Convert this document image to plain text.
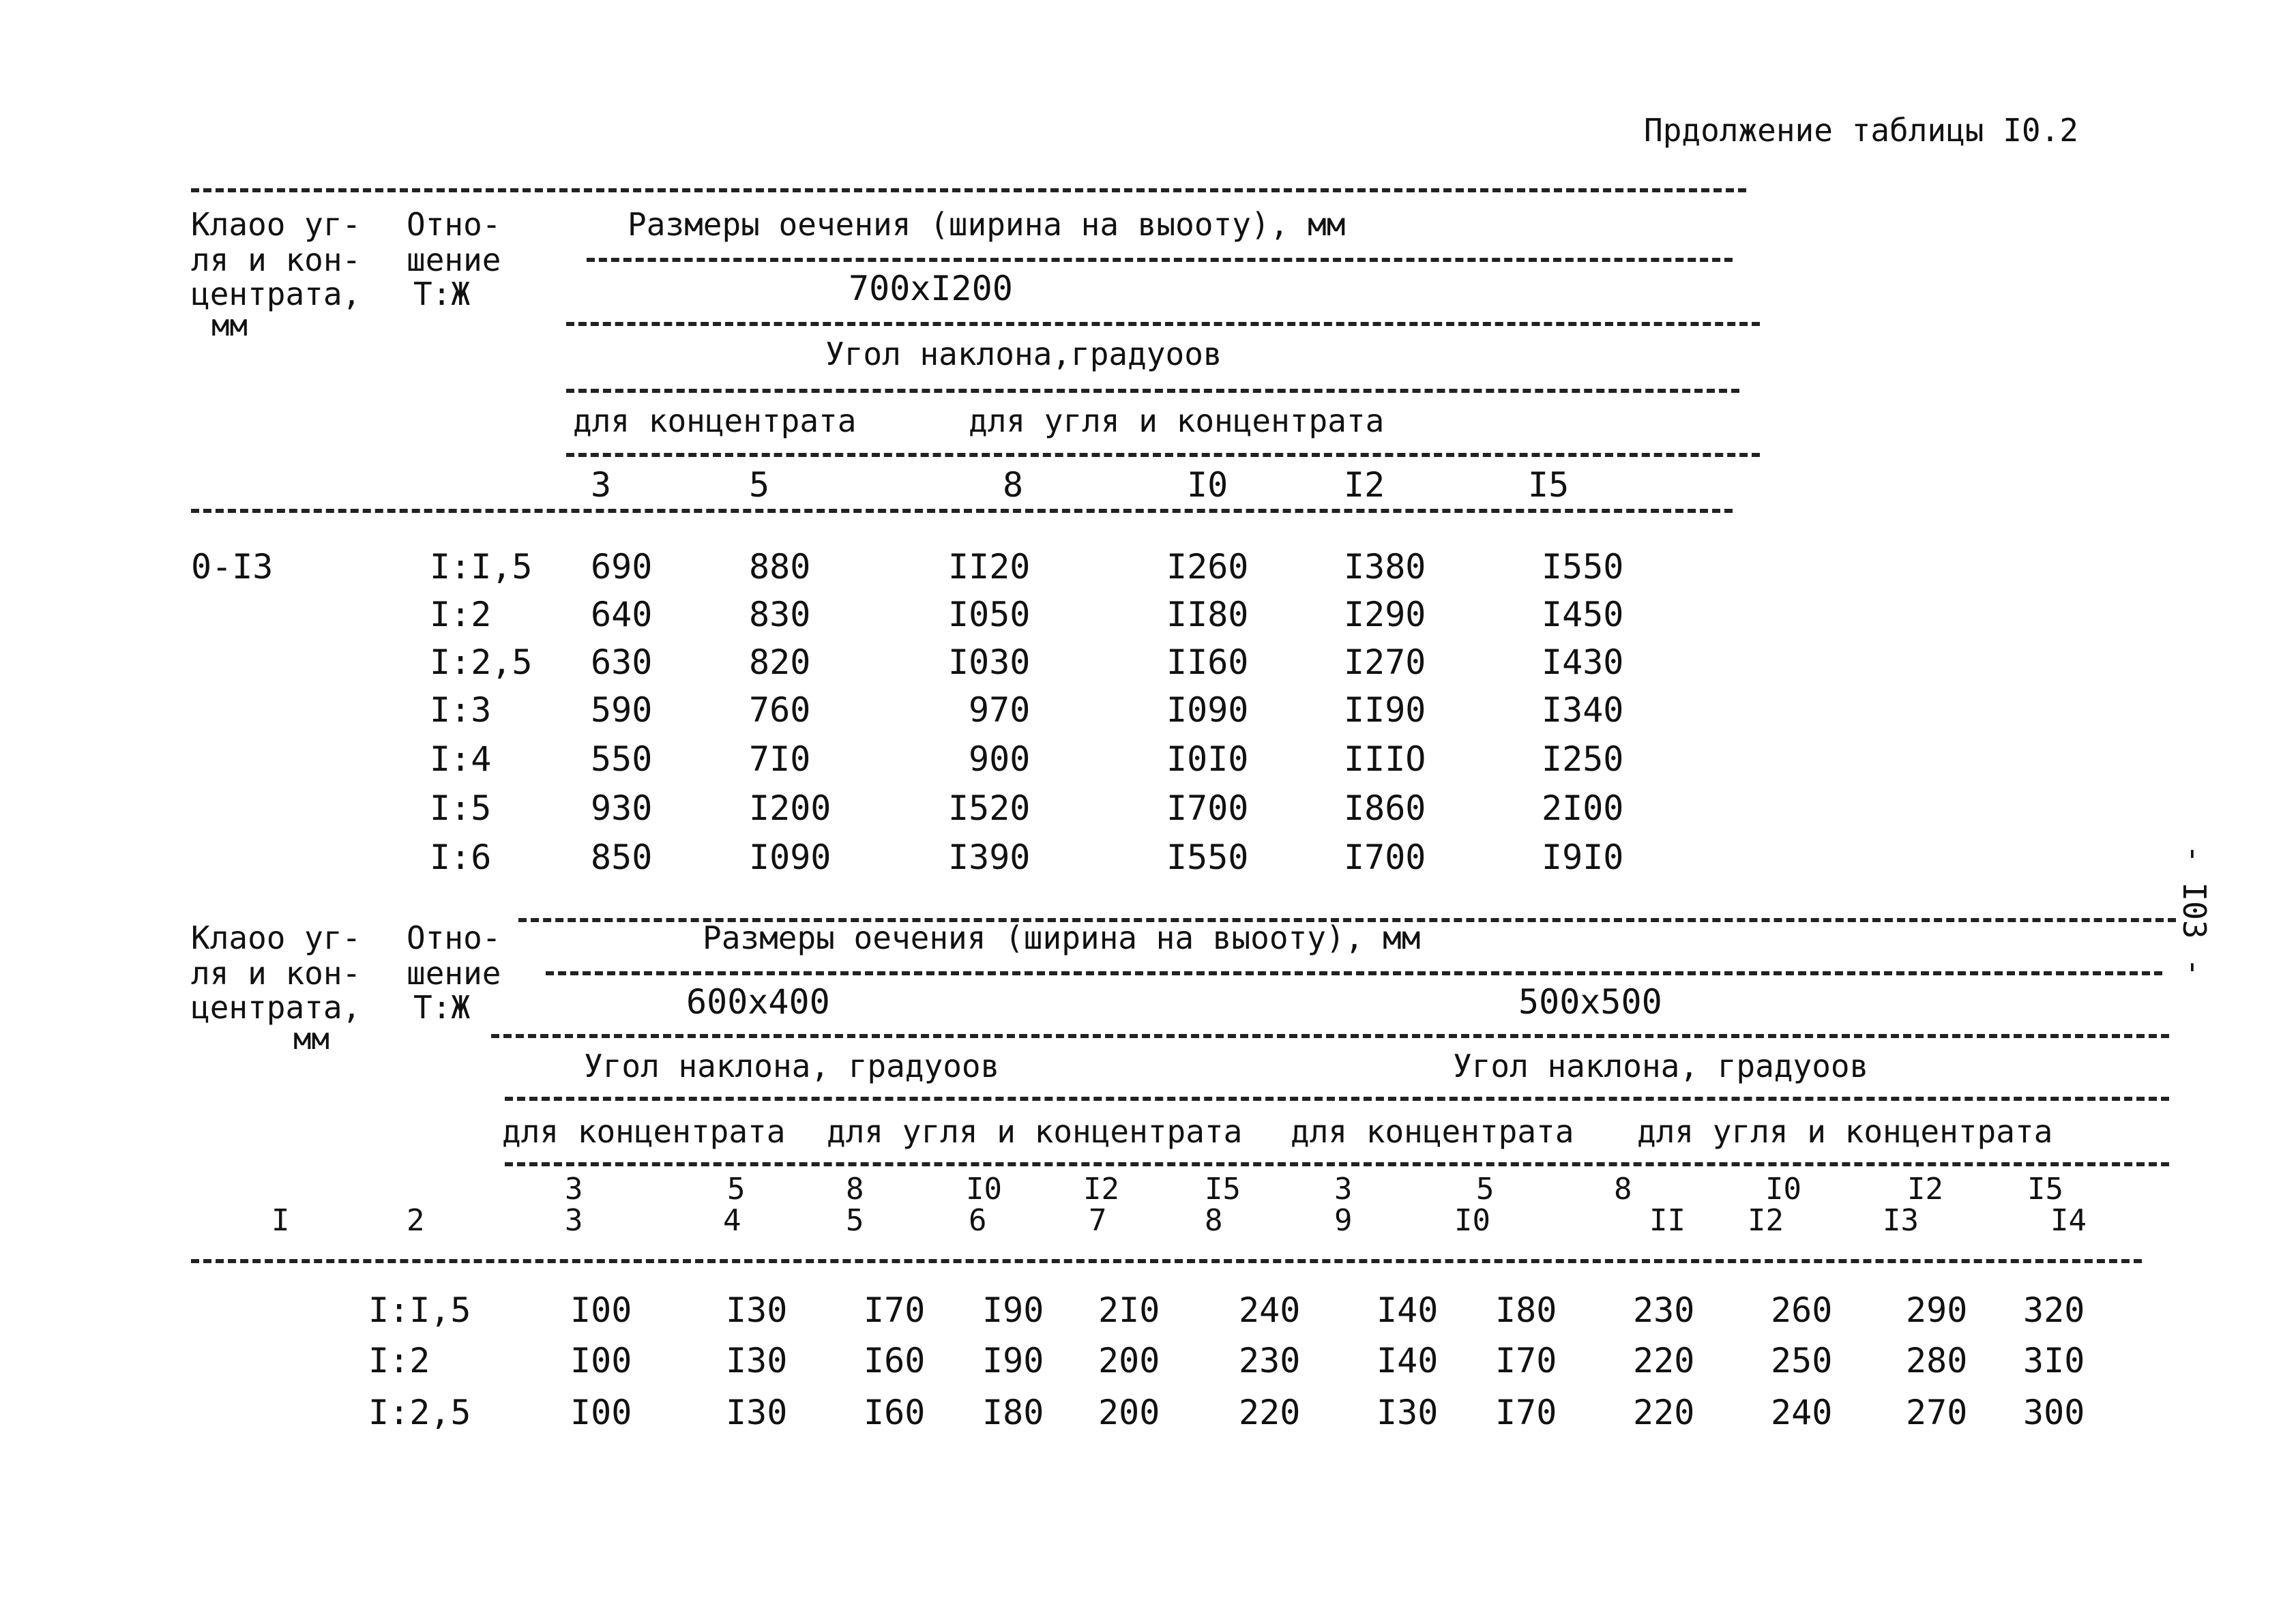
Прдолжение таблицы I0.2
- I03 -
Клаоо уг-
ля и кон-
центрата,
мм
Отно-
шение
Т:Ж
Размеры оечения (ширина на выооту), мм
700хI200
Угол наклона,градуоов
для концентрата	для угля и концентрата
3	5	8	I0	I2	I5
0-I3	I:I,5 690	880	II20	I260	I380	I550
I:2	640	830	I050	II80	I290	I450
I:2,5 630	820	I030	II60	I270	I430
I:3	590	760	970	I090	II90	I340
I:4	550	7I0	900	I0I0	IIIO	I250
I:5	930	I200	I520	I700	I860	2I00
I:6	850	I090	I390	I550	I700	I9I0
Клаоо уг-
ля и кон-
центрата,
мм
Отно-
шение
Т:Ж
Размеры оечения (ширина на выооту), мм
600х400	500х500
Угол наклона, градуоов	Угол наклона, градуоов
для концентрата для угля и концентрата для концентрата для угля и концентрата
3	5	8	I0	I2	I5	3	5	8	I0	I2	I5
I	2	3	4	5	6	7	8	9	I0	II I2	I3	I4
I:I,5	I00	I30 I70 I90 2I0 240 I40 I80 230 260 290 320
I:2	I00	I30 I60 I90 200 230 I40 I70 220 250 280 3I0
I:2,5	I00	I30 I60 I80 200 220 I30 I70 220 240 270 300
